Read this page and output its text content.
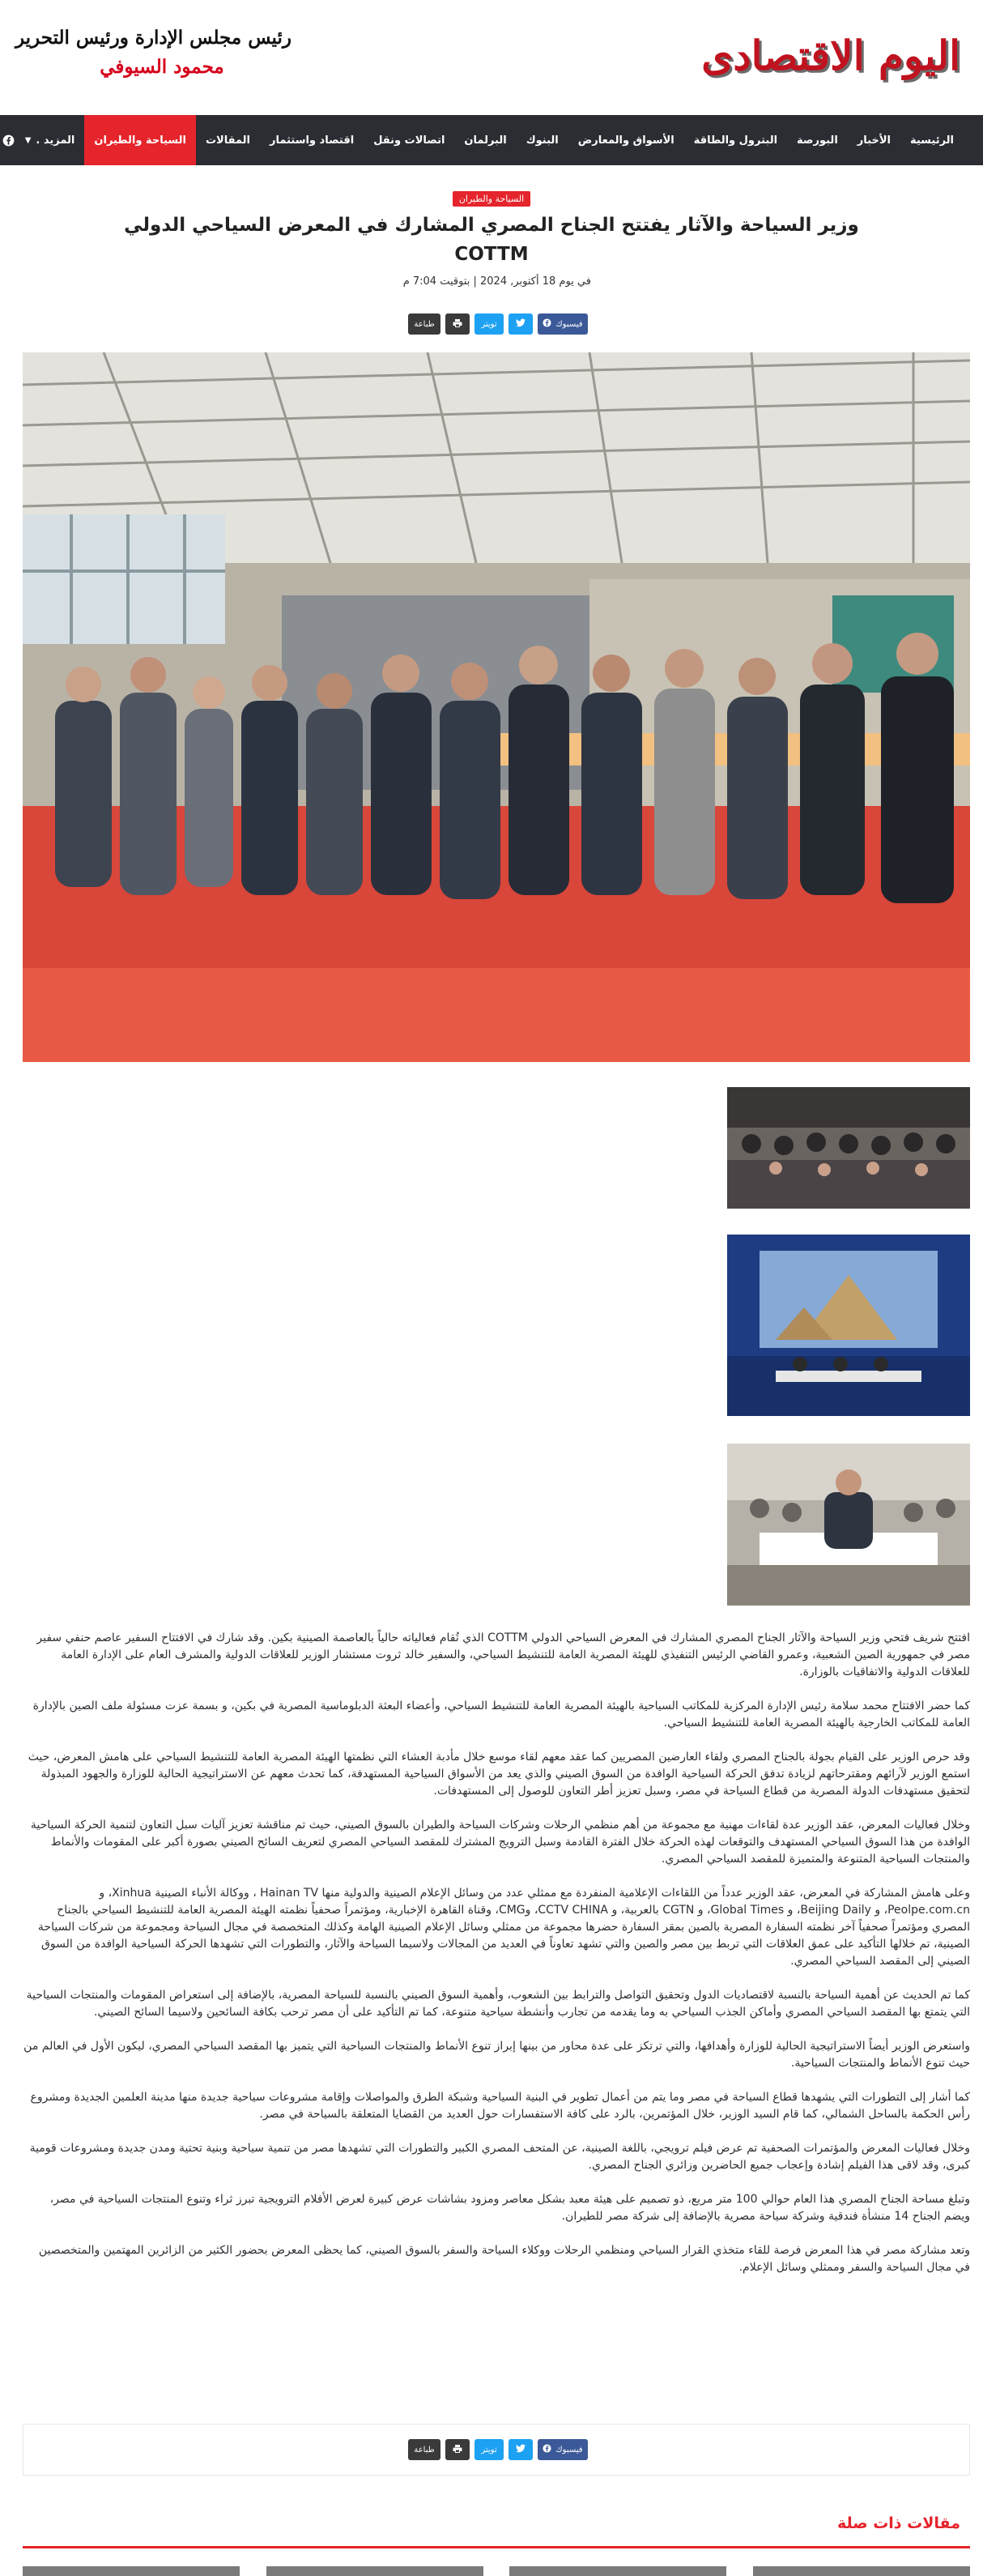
اليوم الاقتصادى
رئيس مجلس الإدارة ورئيس التحرير
محمود السيوفي
الرئيسية
الأخبار
البورصة
البترول والطاقة
الأسواق والمعارض
البنوك
البرلمان
اتصالات ونقل
اقتصاد واستثمار
المقالات
السياحة والطيران
المزيد .
▼
السياحة والطيران
وزير السياحة والآثار يفتتح الجناح المصري المشارك في المعرض السياحي الدولي COTTM
في يوم 18 أكتوبر, 2024 | بتوقيت 7:04 م
فيسبوك
تويتر
طباعة

افتتح شريف فتحي وزير السياحة والآثار الجناح المصري المشارك في المعرض السياحي الدولي COTTM الذي تُقام فعالياته حالياً بالعاصمة الصينية بكين. وقد شارك في الافتتاح السفير عاصم حنفي سفير مصر في جمهورية الصين الشعبية، وعمرو القاضي الرئيس التنفيذي للهيئة المصرية العامة للتنشيط السياحي، والسفير خالد ثروت مستشار الوزير للعلاقات الدولية والمشرف العام على الإدارة العامة للعلاقات الدولية والاتفاقيات بالوزارة.

كما حضر الافتتاح محمد سلامة رئيس الإدارة المركزية للمكاتب السياحية بالهيئة المصرية العامة للتنشيط السياحي، وأعضاء البعثة الدبلوماسية المصرية في بكين، و بسمة عزت مسئولة ملف الصين بالإدارة العامة للمكاتب الخارجية بالهيئة المصرية العامة للتنشيط السياحي.

وقد حرص الوزير على القيام بجولة بالجناح المصري ولقاء العارضين المصريين كما عقد معهم لقاء موسع خلال مأدبة العشاء التي نظمتها الهيئة المصرية العامة للتنشيط السياحي على هامش المعرض، حيث استمع الوزير لآرائهم ومقترحاتهم لزيادة تدفق الحركة السياحية الوافدة من السوق الصيني والذي يعد من الأسواق السياحية المستهدفة، كما تحدث معهم عن الاستراتيجية الحالية للوزارة والجهود المبذولة لتحقيق مستهدفات الدولة المصرية من قطاع السياحة في مصر، وسبل تعزيز أطر التعاون للوصول إلى المستهدفات.

وخلال فعاليات المعرض، عقد الوزير عدة لقاءات مهنية مع مجموعة من أهم منظمي الرحلات وشركات السياحة والطيران بالسوق الصيني، حيث تم مناقشة تعزيز آليات سبل التعاون لتنمية الحركة السياحية الوافدة من هذا السوق السياحي المستهدف والتوقعات لهذه الحركة خلال الفترة القادمة وسبل الترويج المشترك للمقصد السياحي المصري لتعريف السائح الصيني بصورة أكبر على المقومات والأنماط والمنتجات السياحية المتنوعة والمتميزة للمقصد السياحي المصري.

وعلى هامش المشاركة في المعرض، عقد الوزير عدداً من اللقاءات الإعلامية المنفردة مع ممثلي عدد من وسائل الإعلام الصينية والدولية منها Hainan TV ، ووكالة الأنباء الصينية Xinhua، و Peolpe.com.cn، و Beijing Daily، و Global Times، و CGTN بالعربية، و CCTV CHINA، وCMG، وقناة القاهرة الإخبارية، ومؤتمراً صحفياً نظمته الهيئة المصرية العامة للتنشيط السياحي بالجناح المصري ومؤتمراً صحفياً آخر نظمته السفارة المصرية بالصين بمقر السفارة حضرها مجموعة من ممثلي وسائل الإعلام الصينية الهامة وكذلك المتخصصة في مجال السياحة ومجموعة من شركات السياحة الصينية، تم خلالها التأكيد على عمق العلاقات التي تربط بين مصر والصين والتي تشهد تعاوناً في العديد من المجالات ولاسيما السياحة والآثار، والتطورات التي تشهدها الحركة السياحية الوافدة من السوق الصيني إلى المقصد السياحي المصري.

كما تم الحديث عن أهمية السياحة بالنسبة لاقتصاديات الدول وتحقيق التواصل والترابط بين الشعوب، وأهمية السوق الصيني بالنسبة للسياحة المصرية، بالإضافة إلى استعراض المقومات والمنتجات السياحية التي يتمتع بها المقصد السياحي المصري وأماكن الجذب السياحي به وما يقدمه من تجارب وأنشطة سياحية متنوعة، كما تم التأكيد على أن مصر ترحب بكافة السائحين ولاسيما السائح الصيني.

واستعرض الوزير أيضاً الاستراتيجية الحالية للوزارة وأهدافها، والتي ترتكز على عدة محاور من بينها إبراز تنوع الأنماط والمنتجات السياحية التي يتميز بها المقصد السياحي المصري، ليكون الأول في العالم من حيث تنوع الأنماط والمنتجات السياحية.

كما أشار إلى التطورات التي يشهدها قطاع السياحة في مصر وما يتم من أعمال تطوير في البنية السياحية وشبكة الطرق والمواصلات وإقامة مشروعات سياحية جديدة منها مدينة العلمين الجديدة ومشروع رأس الحكمة بالساحل الشمالي، كما قام السيد الوزير، خلال المؤتمرين، بالرد على كافة الاستفسارات حول العديد من القضايا المتعلقة بالسياحة في مصر.

وخلال فعاليات المعرض والمؤتمرات الصحفية تم عرض فيلم ترويجي، باللغة الصينية، عن المتحف المصري الكبير والتطورات التي تشهدها مصر من تنمية سياحية وبنية تحتية ومدن جديدة ومشروعات قومية كبرى، وقد لاقى هذا الفيلم إشادة وإعجاب جميع الحاضرين وزائري الجناح المصري.

وتبلغ مساحة الجناح المصري هذا العام حوالي 100 متر مربع، ذو تصميم على هيئة معبد بشكل معاصر ومزود بشاشات عرض كبيرة لعرض الأفلام الترويجية تبرز ثراء وتنوع المنتجات السياحية في مصر، ويضم الجناح 14 منشأة فندقية وشركة سياحة مصرية بالإضافة إلى شركة مصر للطيران.

وتعد مشاركة مصر في هذا المعرض فرصة للقاء متخذي القرار السياحي ومنظمي الرحلات ووكلاء السياحة والسفر بالسوق الصيني، كما يحظى المعرض بحضور الكثير من الزائرين المهتمين والمتخصصين في مجال السياحة والسفر وممثلي وسائل الإعلام.

فيسبوك
تويتر
طباعة
مقالات ذات صلة
